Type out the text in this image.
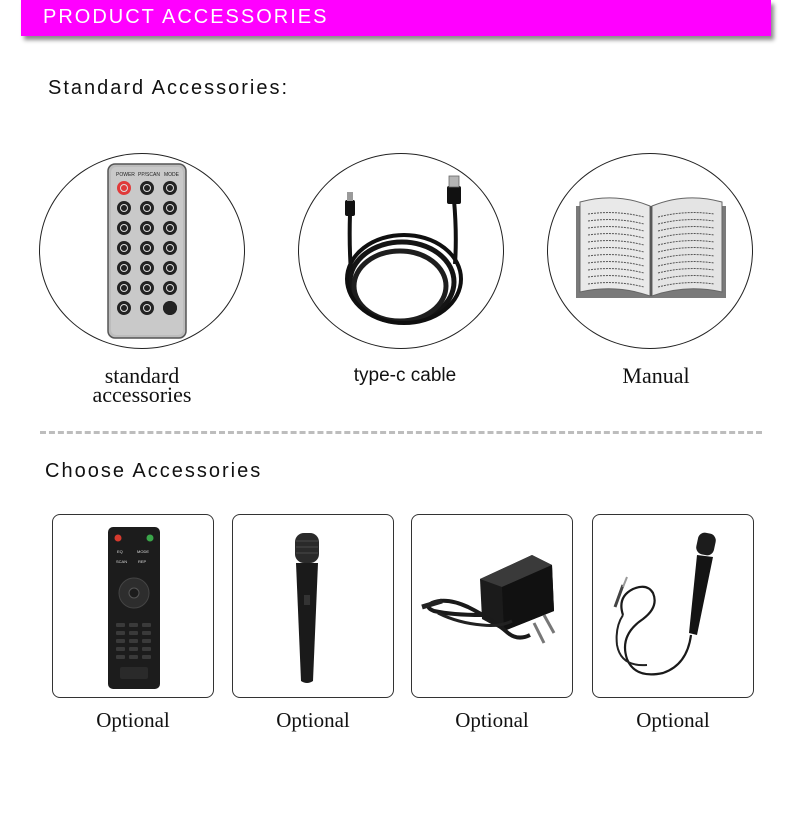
PRODUCT ACCESSORIES
Standard Accessories:
POWER PP/SCAN MODE
standard
accessories
type-c cable	Manual
Choose Accessories
EQ	MODE
SCAN	REP
Optional	Optional	Optional	Optional
